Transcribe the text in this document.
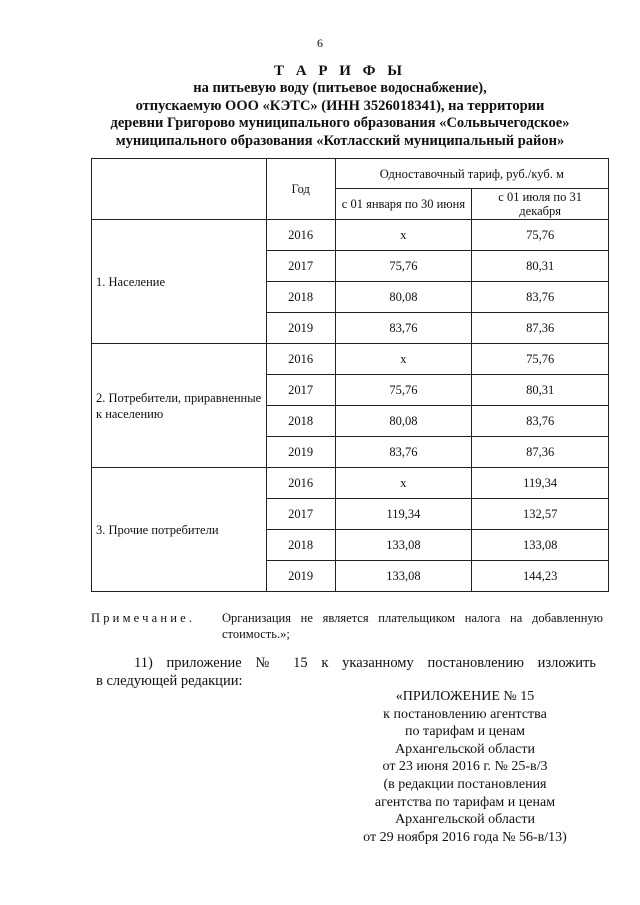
6
Т А Р И Ф Ы
на питьевую воду (питьевое водоснабжение),
отпускаемую ООО «КЭТС» (ИНН 3526018341), на территории
деревни Григорово муниципального образования «Сольвычегодское»
муниципального образования «Котласский муниципальный район»
	Год	Одноставочный тариф, руб./куб. м	
		с 01 января по 30 июня	с 01 июля по 31 декабря
1. Население	2016	х	75,76
	2017	75,76	80,31
	2018	80,08	83,76
	2019	83,76	87,36
2. Потребители, приравненные к населению	2016	х	75,76
	2017	75,76	80,31
	2018	80,08	83,76
	2019	83,76	87,36
3. Прочие потребители	2016	х	119,34
	2017	119,34	132,57
	2018	133,08	133,08
	2019	133,08	144,23
Примечание. Организация не является плательщиком налога на добавленную
стоимость.»;
11) приложение № 15 к указанному постановлению изложить
в следующей редакции:
«ПРИЛОЖЕНИЕ № 15
к постановлению агентства
по тарифам и ценам
Архангельской области
от 23 июня 2016 г. № 25-в/3
(в редакции постановления
агентства по тарифам и ценам
Архангельской области
от 29 ноября 2016 года № 56-в/13)
